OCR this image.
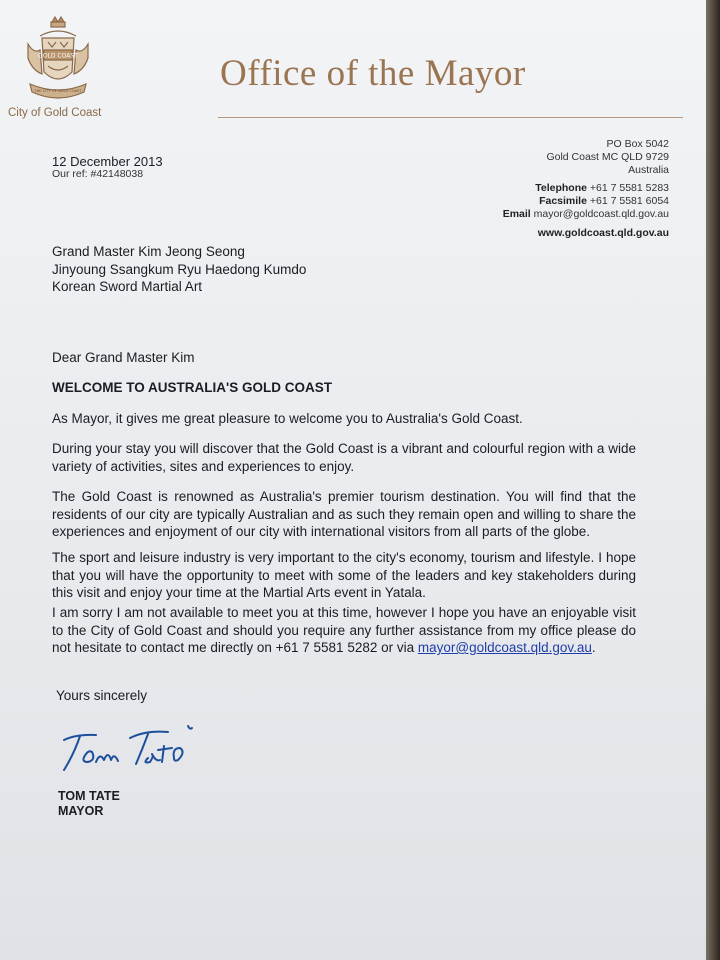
GOLD COAST
THE CITY OF GOLD COAST
City of Gold Coast
Office of the Mayor
12 December 2013
Our ref: #42148038
PO Box 5042
Gold Coast MC QLD 9729
Australia
Telephone +61 7 5581 5283
Facsimile +61 7 5581 6054
Email mayor@goldcoast.qld.gov.au
www.goldcoast.qld.gov.au
Grand Master Kim Jeong Seong
Jinyoung Ssangkum Ryu Haedong Kumdo
Korean Sword Martial Art
Dear Grand Master Kim
WELCOME TO AUSTRALIA'S GOLD COAST
As Mayor, it gives me great pleasure to welcome you to Australia's Gold Coast.
During your stay you will discover that the Gold Coast is a vibrant and colourful region with a wide variety of activities, sites and experiences to enjoy.
The Gold Coast is renowned as Australia's premier tourism destination. You will find that the residents of our city are typically Australian and as such they remain open and willing to share the experiences and enjoyment of our city with international visitors from all parts of the globe.
The sport and leisure industry is very important to the city's economy, tourism and lifestyle. I hope that you will have the opportunity to meet with some of the leaders and key stakeholders during this visit and enjoy your time at the Martial Arts event in Yatala.
I am sorry I am not available to meet you at this time, however I hope you have an enjoyable visit to the City of Gold Coast and should you require any further assistance from my office please do not hesitate to contact me directly on +61 7 5581 5282 or via mayor@goldcoast.qld.gov.au.
Yours sincerely
TOM TATE
MAYOR
